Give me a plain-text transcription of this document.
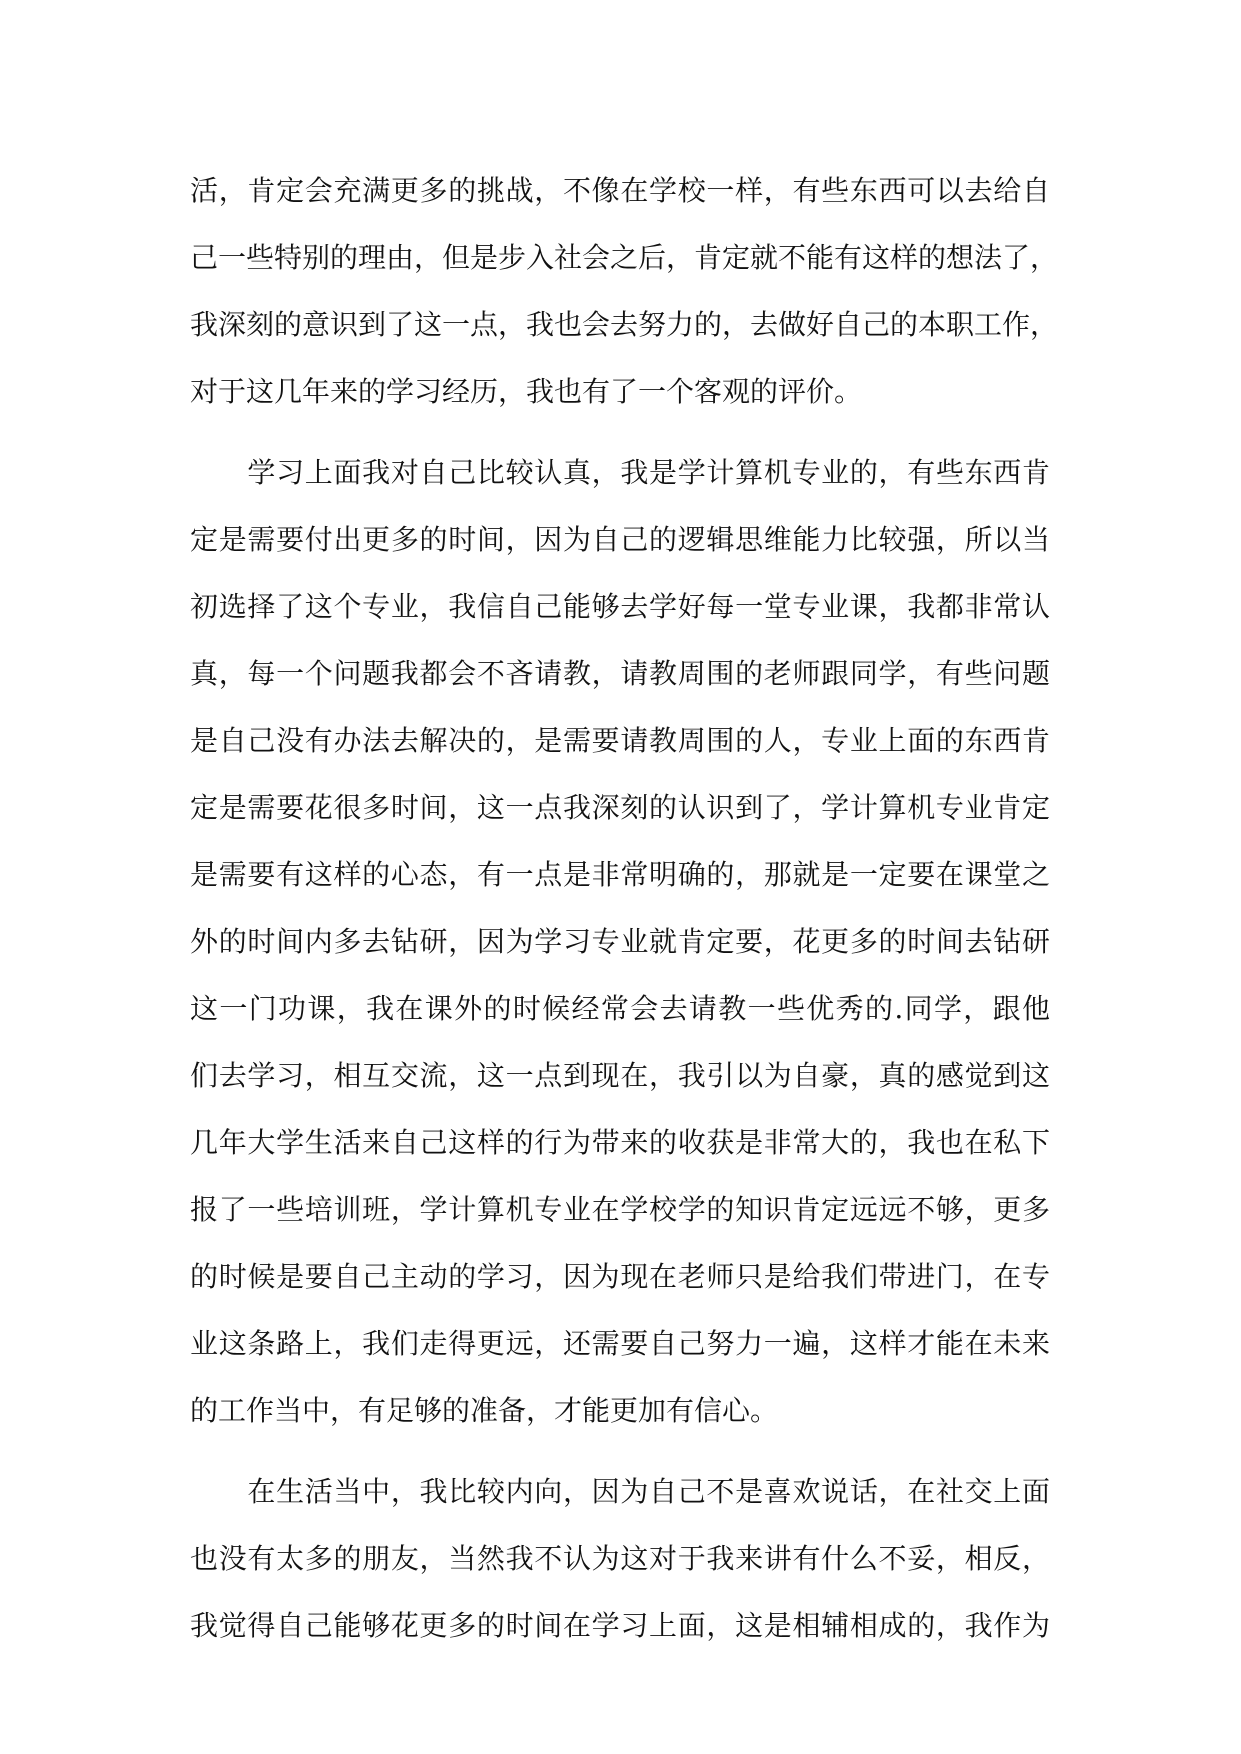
活，肯定会充满更多的挑战，不像在学校一样，有些东西可以去给自
己一些特别的理由，但是步入社会之后，肯定就不能有这样的想法了，
我深刻的意识到了这一点，我也会去努力的，去做好自己的本职工作，
对于这几年来的学习经历，我也有了一个客观的评价。
　　学习上面我对自己比较认真，我是学计算机专业的，有些东西肯
定是需要付出更多的时间，因为自己的逻辑思维能力比较强，所以当
初选择了这个专业，我信自己能够去学好每一堂专业课，我都非常认
真，每一个问题我都会不吝请教，请教周围的老师跟同学，有些问题
是自己没有办法去解决的，是需要请教周围的人，专业上面的东西肯
定是需要花很多时间，这一点我深刻的认识到了，学计算机专业肯定
是需要有这样的心态，有一点是非常明确的，那就是一定要在课堂之
外的时间内多去钻研，因为学习专业就肯定要，花更多的时间去钻研
这一门功课，我在课外的时候经常会去请教一些优秀的.同学，跟他
们去学习，相互交流，这一点到现在，我引以为自豪，真的感觉到这
几年大学生活来自己这样的行为带来的收获是非常大的，我也在私下
报了一些培训班，学计算机专业在学校学的知识肯定远远不够，更多
的时候是要自己主动的学习，因为现在老师只是给我们带进门，在专
业这条路上，我们走得更远，还需要自己努力一遍，这样才能在未来
的工作当中，有足够的准备，才能更加有信心。
　　在生活当中，我比较内向，因为自己不是喜欢说话，在社交上面
也没有太多的朋友，当然我不认为这对于我来讲有什么不妥，相反，
我觉得自己能够花更多的时间在学习上面，这是相辅相成的，我作为
